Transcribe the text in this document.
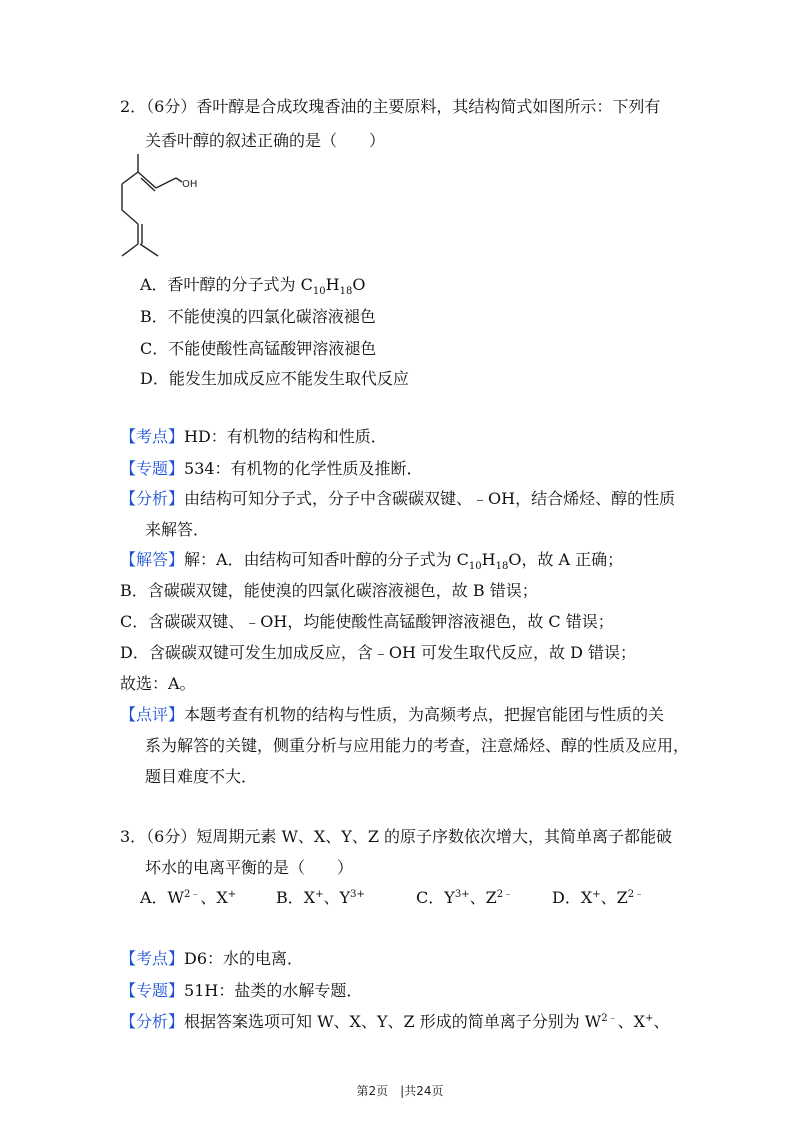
2．（6分）香叶醇是合成玫瑰香油的主要原料，其结构简式如图所示：下列有
关香叶醇的叙述正确的是（　　）
OH
A．香叶醇的分子式为 $C_{10}H_{18}O$
B．不能使溴的四氯化碳溶液褪色
C．不能使酸性高锰酸钾溶液褪色
D．能发生加成反应不能发生取代反应
【考点】HD：有机物的结构和性质．
【专题】534：有机物的化学性质及推断．
【分析】由结构可知分子式，分子中含碳碳双键、﹣OH，结合烯烃、醇的性质
来解答．
【解答】解：A．由结构可知香叶醇的分子式为 $C_{10}H_{18}O$，故 A 正确；
B．含碳碳双键，能使溴的四氯化碳溶液褪色，故 B 错误；
C．含碳碳双键、﹣OH，均能使酸性高锰酸钾溶液褪色，故 C 错误；
D．含碳碳双键可发生加成反应，含﹣OH 可发生取代反应，故 D 错误；
故选：A。
【点评】本题考查有机物的结构与性质，为高频考点，把握官能团与性质的关
系为解答的关键，侧重分析与应用能力的考查，注意烯烃、醇的性质及应用，
题目难度不大．
3．（6分）短周期元素 W、X、Y、Z 的原子序数依次增大，其简单离子都能破
坏水的电离平衡的是（　　）
A．$W^{2﹣}$、X+ B．X+、$Y^{3+}$	C．$Y^{3+}$、$Z^{2﹣}$ D．X+、$Z^{2﹣}$
【考点】D6：水的电离．
【专题】51H：盐类的水解专题．
【分析】根据答案选项可知 W、X、Y、Z 形成的简单离子分别为 $W^{2﹣}$、X+、
第2页　|共24页
